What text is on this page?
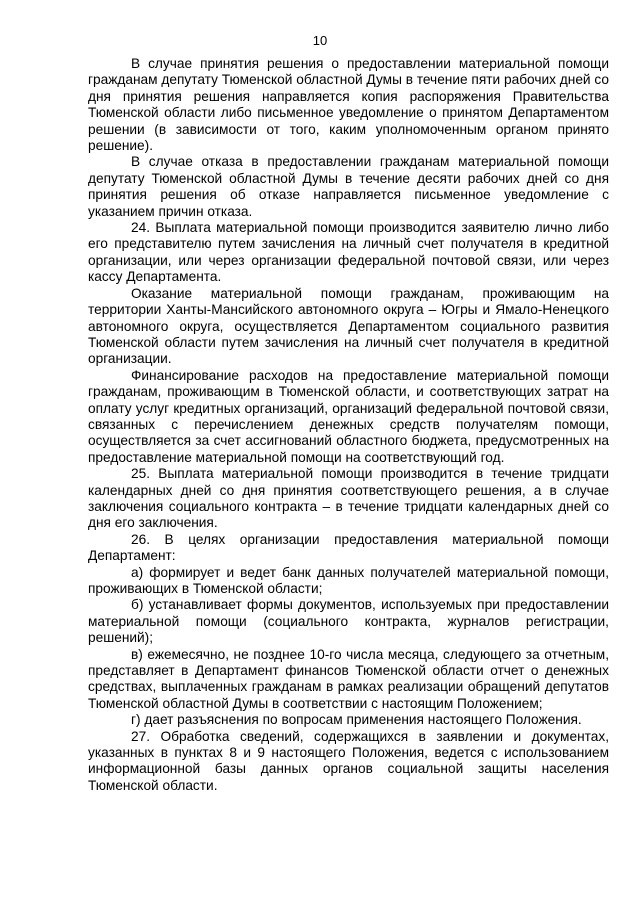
10

В случае принятия решения о предоставлении материальной помощи гражданам депутату Тюменской областной Думы в течение пяти рабочих дней со дня принятия решения направляется копия распоряжения Правительства Тюменской области либо письменное уведомление о принятом Департаментом решении (в зависимости от того, каким уполномоченным органом принято решение).

В случае отказа в предоставлении гражданам материальной помощи депутату Тюменской областной Думы в течение десяти рабочих дней со дня принятия решения об отказе направляется письменное уведомление с указанием причин отказа.

24. Выплата материальной помощи производится заявителю лично либо его представителю путем зачисления на личный счет получателя в кредитной организации, или через организации федеральной почтовой связи, или через кассу Департамента.

Оказание материальной помощи гражданам, проживающим на территории Ханты-Мансийского автономного округа – Югры и Ямало-Ненецкого автономного округа, осуществляется Департаментом социального развития Тюменской области путем зачисления на личный счет получателя в кредитной организации.

Финансирование расходов на предоставление материальной помощи гражданам, проживающим в Тюменской области, и соответствующих затрат на оплату услуг кредитных организаций, организаций федеральной почтовой связи, связанных с перечислением денежных средств получателям помощи, осуществляется за счет ассигнований областного бюджета, предусмотренных на предоставление материальной помощи на соответствующий год.

25. Выплата материальной помощи производится в течение тридцати календарных дней со дня принятия соответствующего решения, а в случае заключения социального контракта – в течение тридцати календарных дней со дня его заключения.

26. В целях организации предоставления материальной помощи Департамент:

а) формирует и ведет банк данных получателей материальной помощи, проживающих в Тюменской области;

б) устанавливает формы документов, используемых при предоставлении материальной помощи (социального контракта, журналов регистрации, решений);

в) ежемесячно, не позднее 10-го числа месяца, следующего за отчетным, представляет в Департамент финансов Тюменской области отчет о денежных средствах, выплаченных гражданам в рамках реализации обращений депутатов Тюменской областной Думы в соответствии с настоящим Положением;

г) дает разъяснения по вопросам применения настоящего Положения.

27. Обработка сведений, содержащихся в заявлении и документах, указанных в пунктах 8 и 9 настоящего Положения, ведется с использованием информационной базы данных органов социальной защиты населения Тюменской области.
